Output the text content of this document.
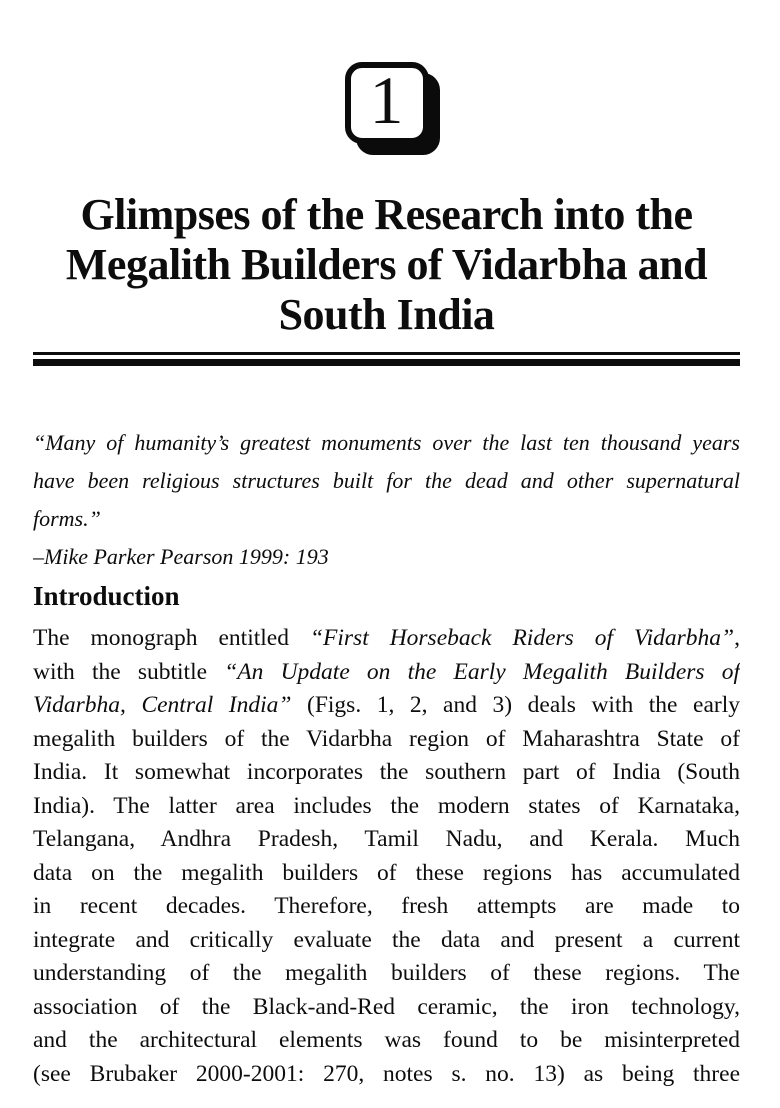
1
Glimpses of the Research into the
Megalith Builders of Vidarbha and
South India
“Many of humanity’s greatest monuments over the last ten thousand years
have been religious structures built for the dead and other supernatural
forms.”
–Mike Parker Pearson 1999: 193
Introduction
The monograph entitled “First Horseback Riders of Vidarbha”,
with the subtitle “An Update on the Early Megalith Builders of
Vidarbha, Central India” (Figs. 1, 2, and 3) deals with the early
megalith builders of the Vidarbha region of Maharashtra State of
India. It somewhat incorporates the southern part of India (South
India). The latter area includes the modern states of Karnataka,
Telangana, Andhra Pradesh, Tamil Nadu, and Kerala. Much
data on the megalith builders of these regions has accumulated
in recent decades. Therefore, fresh attempts are made to
integrate and critically evaluate the data and present a current
understanding of the megalith builders of these regions. The
association of the Black-and-Red ceramic, the iron technology,
and the architectural elements was found to be misinterpreted
(see Brubaker 2000-2001: 270, notes s. no. 13) as being three
